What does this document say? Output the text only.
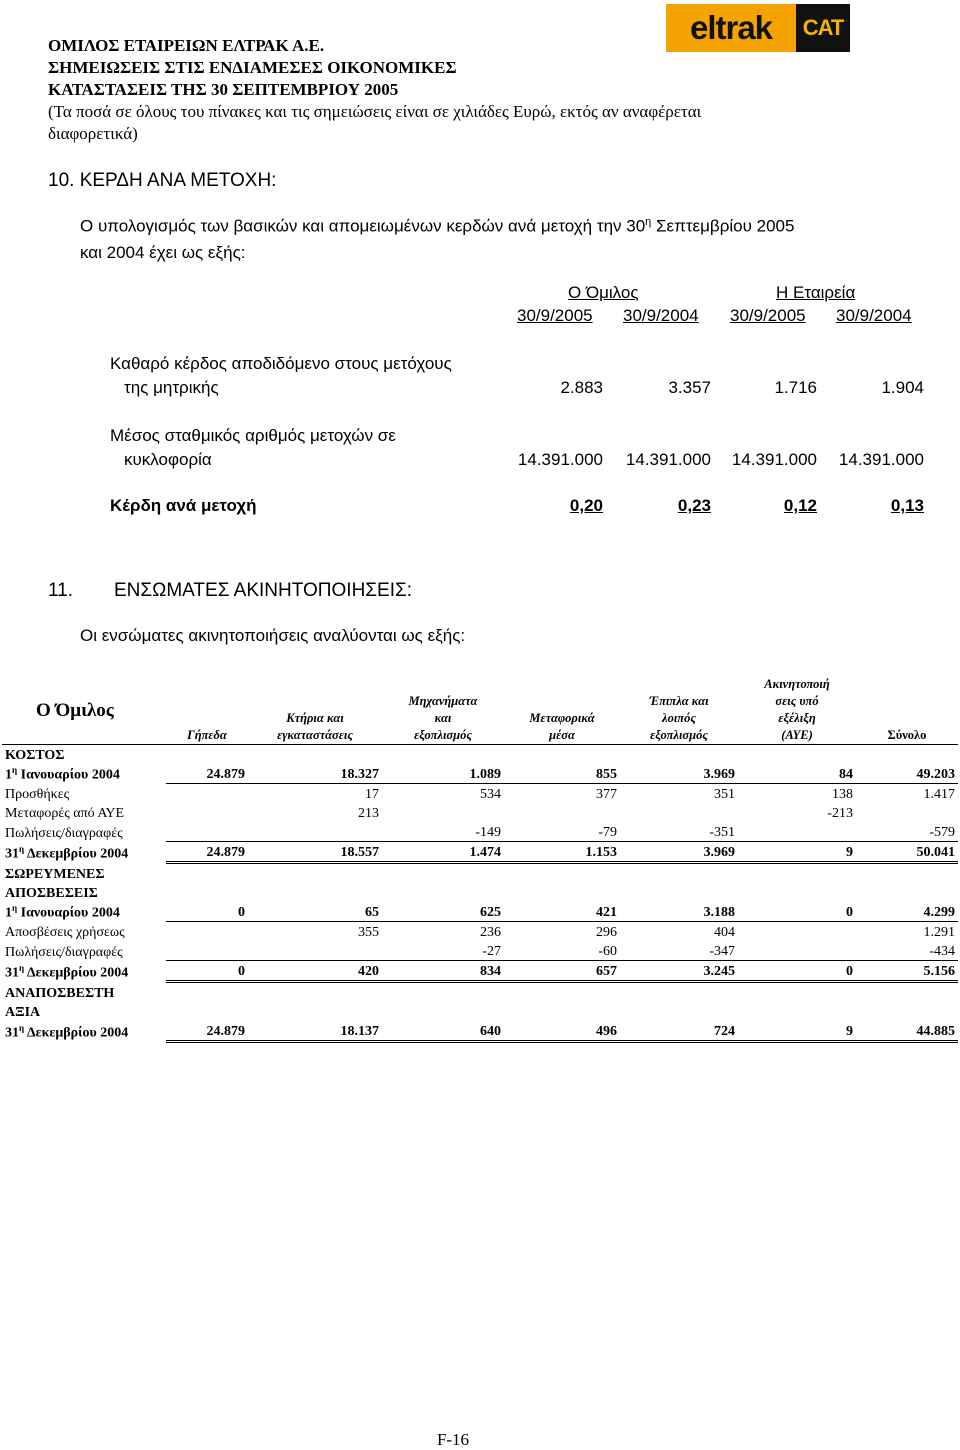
ΟΜΙΛΟΣ ΕΤΑΙΡΕΙΩΝ ΕΛΤΡΑΚ Α.Ε.
ΣΗΜΕΙΩΣΕΙΣ ΣΤΙΣ ΕΝΔΙΑΜΕΣΕΣ ΟΙΚΟΝΟΜΙΚΕΣ
ΚΑΤΑΣΤΑΣΕΙΣ ΤΗΣ 30 ΣΕΠΤΕΜΒΡΙΟΥ 2005
(Τα ποσά σε όλους του πίνακες και τις σημειώσεις είναι σε χιλιάδες Ευρώ, εκτός αν αναφέρεται
διαφορετικά)
eltrak CAT
10. ΚΕΡΔΗ ΑΝΑ ΜΕΤΟΧΗ:
Ο υπολογισμός των βασικών και απομειωμένων κερδών ανά μετοχή την $30^\eta$ Σεπτεμβρίου 2005
και 2004 έχει ως εξής:
Ο Όμιλος	Η Εταιρεία
30/9/2005 30/9/2004 30/9/2005 30/9/2004
Καθαρό κέρδος αποδιδόμενο στους μετόχους
της μητρικής	2.883	3.357	1.716	1.904
Μέσος σταθμικός αριθμός μετοχών σε
κυκλοφορία	14.391.000 14.391.000 14.391.000 14.391.000
Κέρδη ανά μετοχή	0,20	0,23	0,12	0,13
11. ΕΝΣΩΜΑΤΕΣ ΑΚΙΝΗΤΟΠΟΙΗΣΕΙΣ:
Οι ενσώματες ακινητοποιήσεις αναλύονται ως εξής:
Ο Όμιλος	Γήπεδα	Κτήρια και
εγκαταστάσεις	Μηχανήματα
και
εξοπλισμός	Μεταφορικά
μέσα	Έπιπλα και
λοιπός
εξοπλισμός	Ακινητοποιή
σεις υπό
εξέλιξη
(ΑΥΕ)	Σύνολο
ΚΟΣΤΟΣ							
$1^\eta$ Ιανουαρίου 2004	24.879	18.327	1.089	855	3.969	84	49.203
Προσθήκες		17	534	377	351	138	1.417
Μεταφορές από ΑΥΕ		213				-213	
Πωλήσεις/διαγραφές			-149	-79	-351		-579
$31^\eta$ Δεκεμβρίου 2004	24.879	18.557	1.474	1.153	3.969	9	50.041
ΣΩΡΕΥΜΕΝΕΣ							
ΑΠΟΣΒΕΣΕΙΣ							
$1^\eta$ Ιανουαρίου 2004	0	65	625	421	3.188	0	4.299
Αποσβέσεις χρήσεως		355	236	296	404		1.291
Πωλήσεις/διαγραφές			-27	-60	-347		-434
$31^\eta$ Δεκεμβρίου 2004	0	420	834	657	3.245	0	5.156
ΑΝΑΠΟΣΒΕΣΤΗ							
ΑΞΙΑ							
$31^\eta$ Δεκεμβρίου 2004	24.879	18.137	640	496	724	9	44.885
F-16
